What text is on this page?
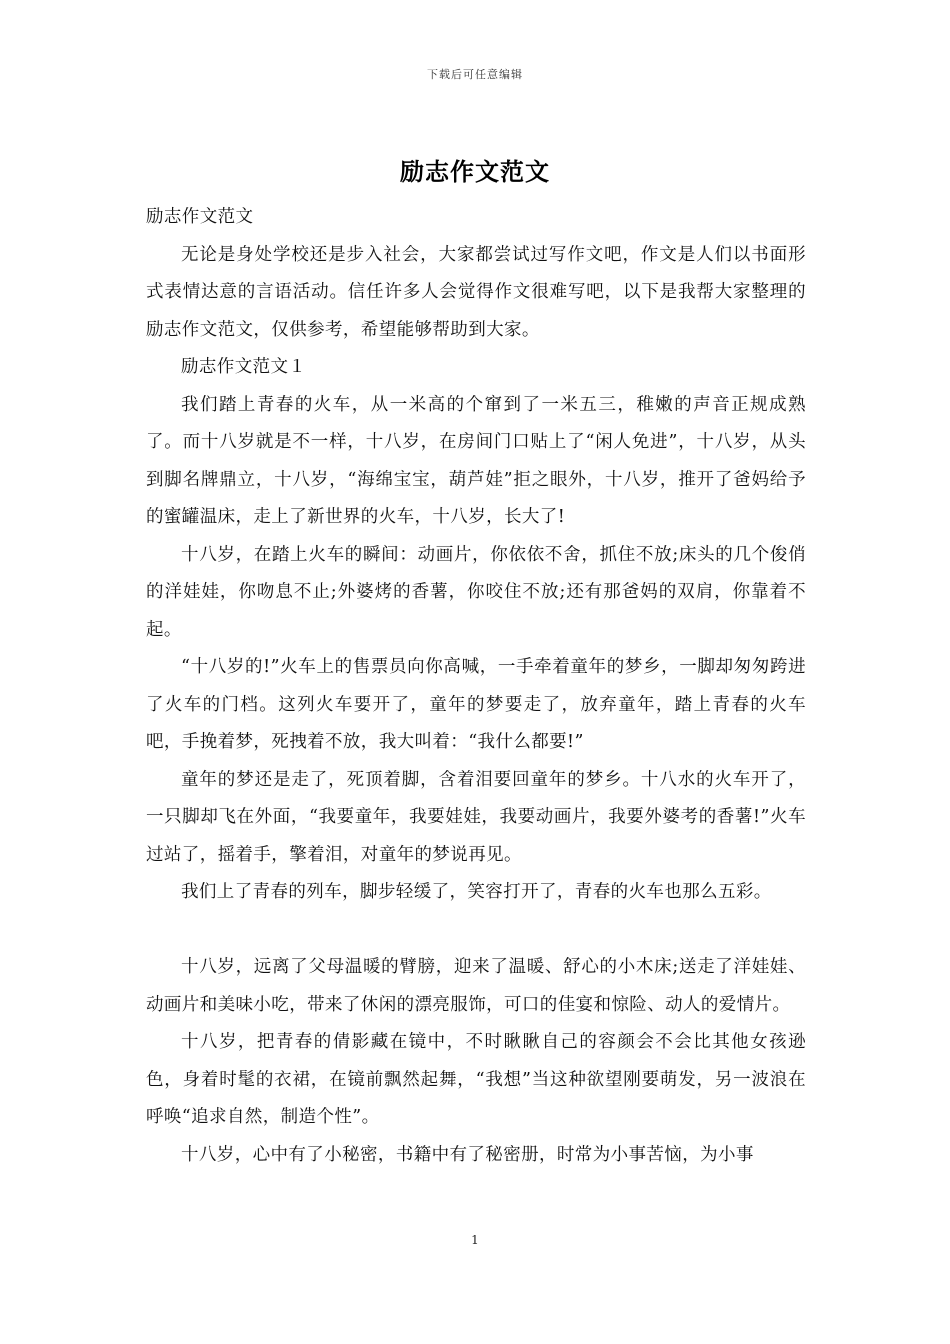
下载后可任意编辑
励志作文范文

励志作文范文

无论是身处学校还是步入社会，大家都尝试过写作文吧，作文是人们以书面形式表情达意的言语活动。信任许多人会觉得作文很难写吧，以下是我帮大家整理的励志作文范文，仅供参考，希望能够帮助到大家。

励志作文范文１

我们踏上青春的火车，从一米高的个窜到了一米五三，稚嫩的声音正规成熟了。而十八岁就是不一样，十八岁，在房间门口贴上了“闲人免进”，十八岁，从头到脚名牌鼎立，十八岁，“海绵宝宝，葫芦娃”拒之眼外，十八岁，推开了爸妈给予的蜜罐温床，走上了新世界的火车，十八岁，长大了!

十八岁，在踏上火车的瞬间：动画片，你依依不舍，抓住不放;床头的几个俊俏的洋娃娃，你吻息不止;外婆烤的香薯，你咬住不放;还有那爸妈的双肩，你靠着不起。

“十八岁的!”火车上的售票员向你高喊，一手牵着童年的梦乡，一脚却匆匆跨进了火车的门档。这列火车要开了，童年的梦要走了，放弃童年，踏上青春的火车吧，手挽着梦，死拽着不放，我大叫着：“我什么都要!”

童年的梦还是走了，死顶着脚，含着泪要回童年的梦乡。十八水的火车开了，一只脚却飞在外面，“我要童年，我要娃娃，我要动画片，我要外婆考的香薯!”火车过站了，摇着手，擎着泪，对童年的梦说再见。

我们上了青春的列车，脚步轻缓了，笑容打开了，青春的火车也那么五彩。

十八岁，远离了父母温暖的臂膀，迎来了温暖、舒心的小木床;送走了洋娃娃、动画片和美味小吃，带来了休闲的漂亮服饰，可口的佳宴和惊险、动人的爱情片。

十八岁，把青春的倩影藏在镜中，不时瞅瞅自己的容颜会不会比其他女孩逊色，身着时髦的衣裙，在镜前飘然起舞，“我想”当这种欲望刚要萌发，另一波浪在呼唤“追求自然，制造个性”。

十八岁，心中有了小秘密，书籍中有了秘密册，时常为小事苦恼，为小事

1
